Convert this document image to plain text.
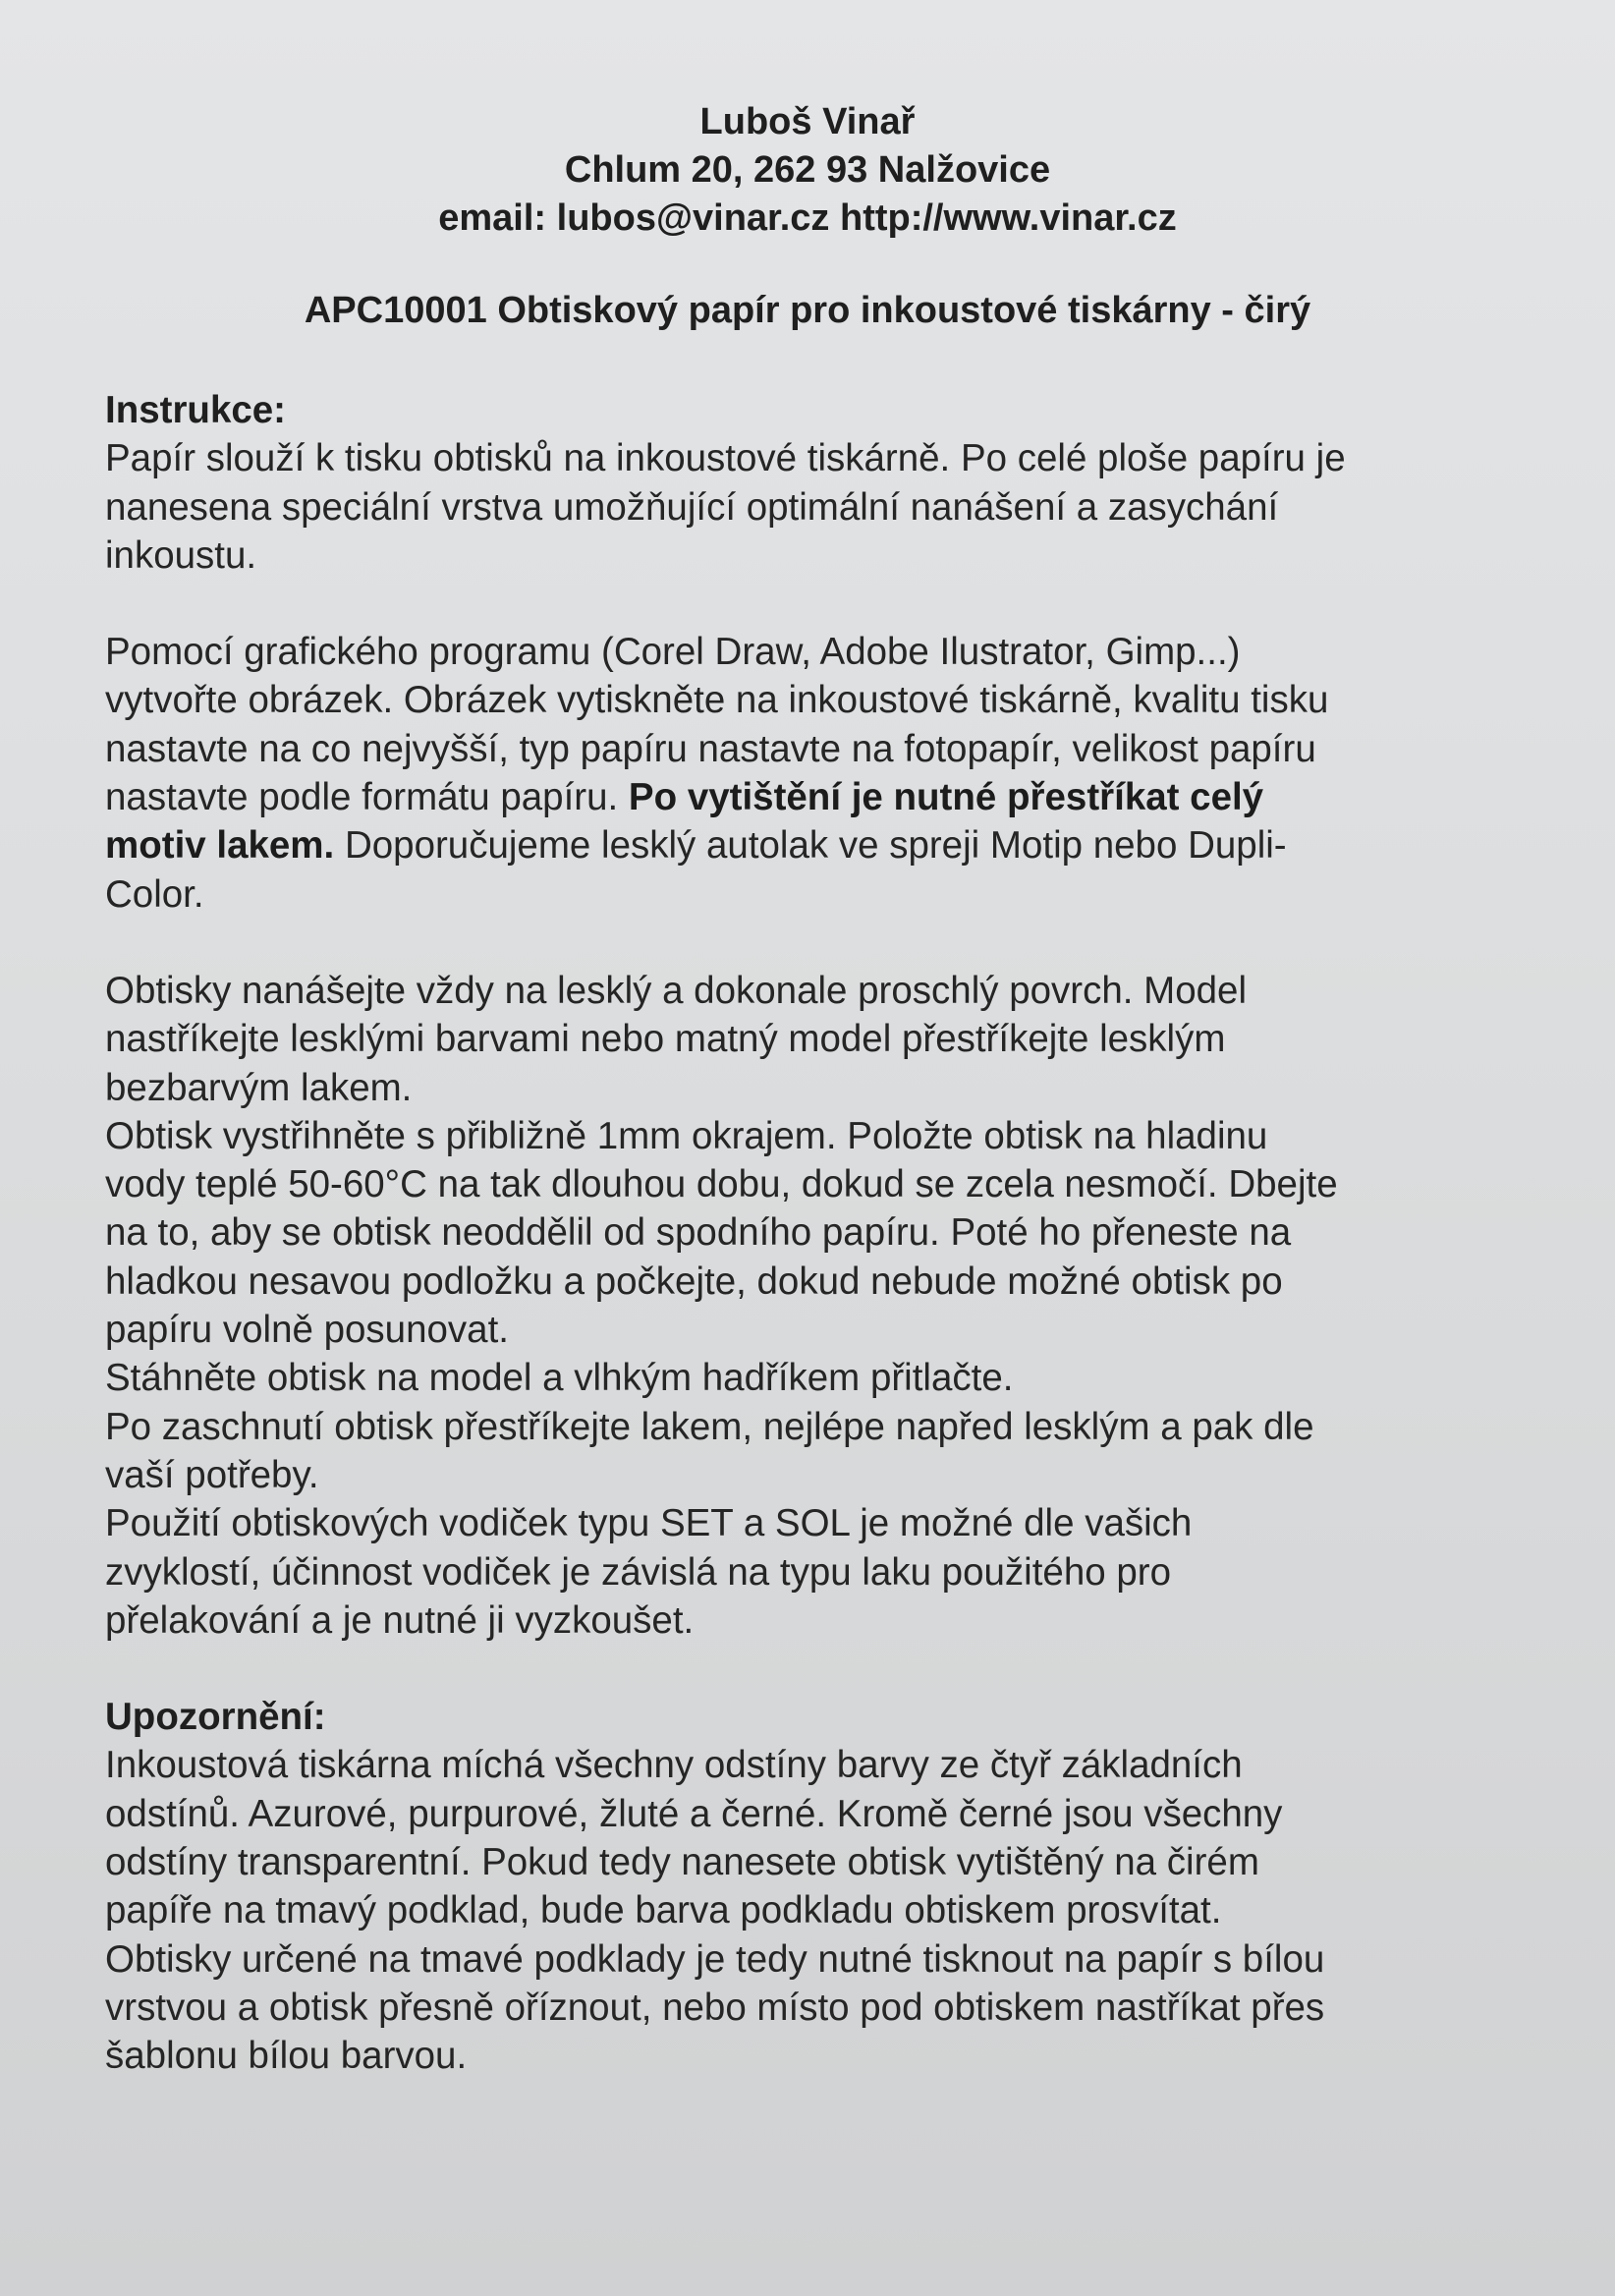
Luboš Vinař
Chlum 20, 262 93 Nalžovice
email: lubos@vinar.cz http://www.vinar.cz
APC10001 Obtiskový papír pro inkoustové tiskárny - čirý

Instrukce:

Papír slouží k tisku obtisků na inkoustové tiskárně. Po celé ploše papíru je
nanesena speciální vrstva umožňující optimální nanášení a zasychání
inkoustu.

Pomocí grafického programu (Corel Draw, Adobe Ilustrator, Gimp...)
vytvořte obrázek. Obrázek vytiskněte na inkoustové tiskárně, kvalitu tisku
nastavte na co nejvyšší, typ papíru nastavte na fotopapír, velikost papíru
nastavte podle formátu papíru. Po vytištění je nutné přestříkat celý
motiv lakem. Doporučujeme lesklý autolak ve spreji Motip nebo Dupli-
Color.

Obtisky nanášejte vždy na lesklý a dokonale proschlý povrch. Model
nastříkejte lesklými barvami nebo matný model přestříkejte lesklým
bezbarvým lakem.
Obtisk vystřihněte s přibližně 1mm okrajem. Položte obtisk na hladinu
vody teplé 50-60°C na tak dlouhou dobu, dokud se zcela nesmočí. Dbejte
na to, aby se obtisk neoddělil od spodního papíru. Poté ho přeneste na
hladkou nesavou podložku a počkejte, dokud nebude možné obtisk po
papíru volně posunovat.
Stáhněte obtisk na model a vlhkým hadříkem přitlačte.
Po zaschnutí obtisk přestříkejte lakem, nejlépe napřed lesklým a pak dle
vaší potřeby.
Použití obtiskových vodiček typu SET a SOL je možné dle vašich
zvyklostí, účinnost vodiček je závislá na typu laku použitého pro
přelakování a je nutné ji vyzkoušet.

Upozornění:

Inkoustová tiskárna míchá všechny odstíny barvy ze čtyř základních
odstínů. Azurové, purpurové, žluté a černé. Kromě černé jsou všechny
odstíny transparentní. Pokud tedy nanesete obtisk vytištěný na čirém
papíře na tmavý podklad, bude barva podkladu obtiskem prosvítat.
Obtisky určené na tmavé podklady je tedy nutné tisknout na papír s bílou
vrstvou a obtisk přesně oříznout, nebo místo pod obtiskem nastříkat přes
šablonu bílou barvou.
